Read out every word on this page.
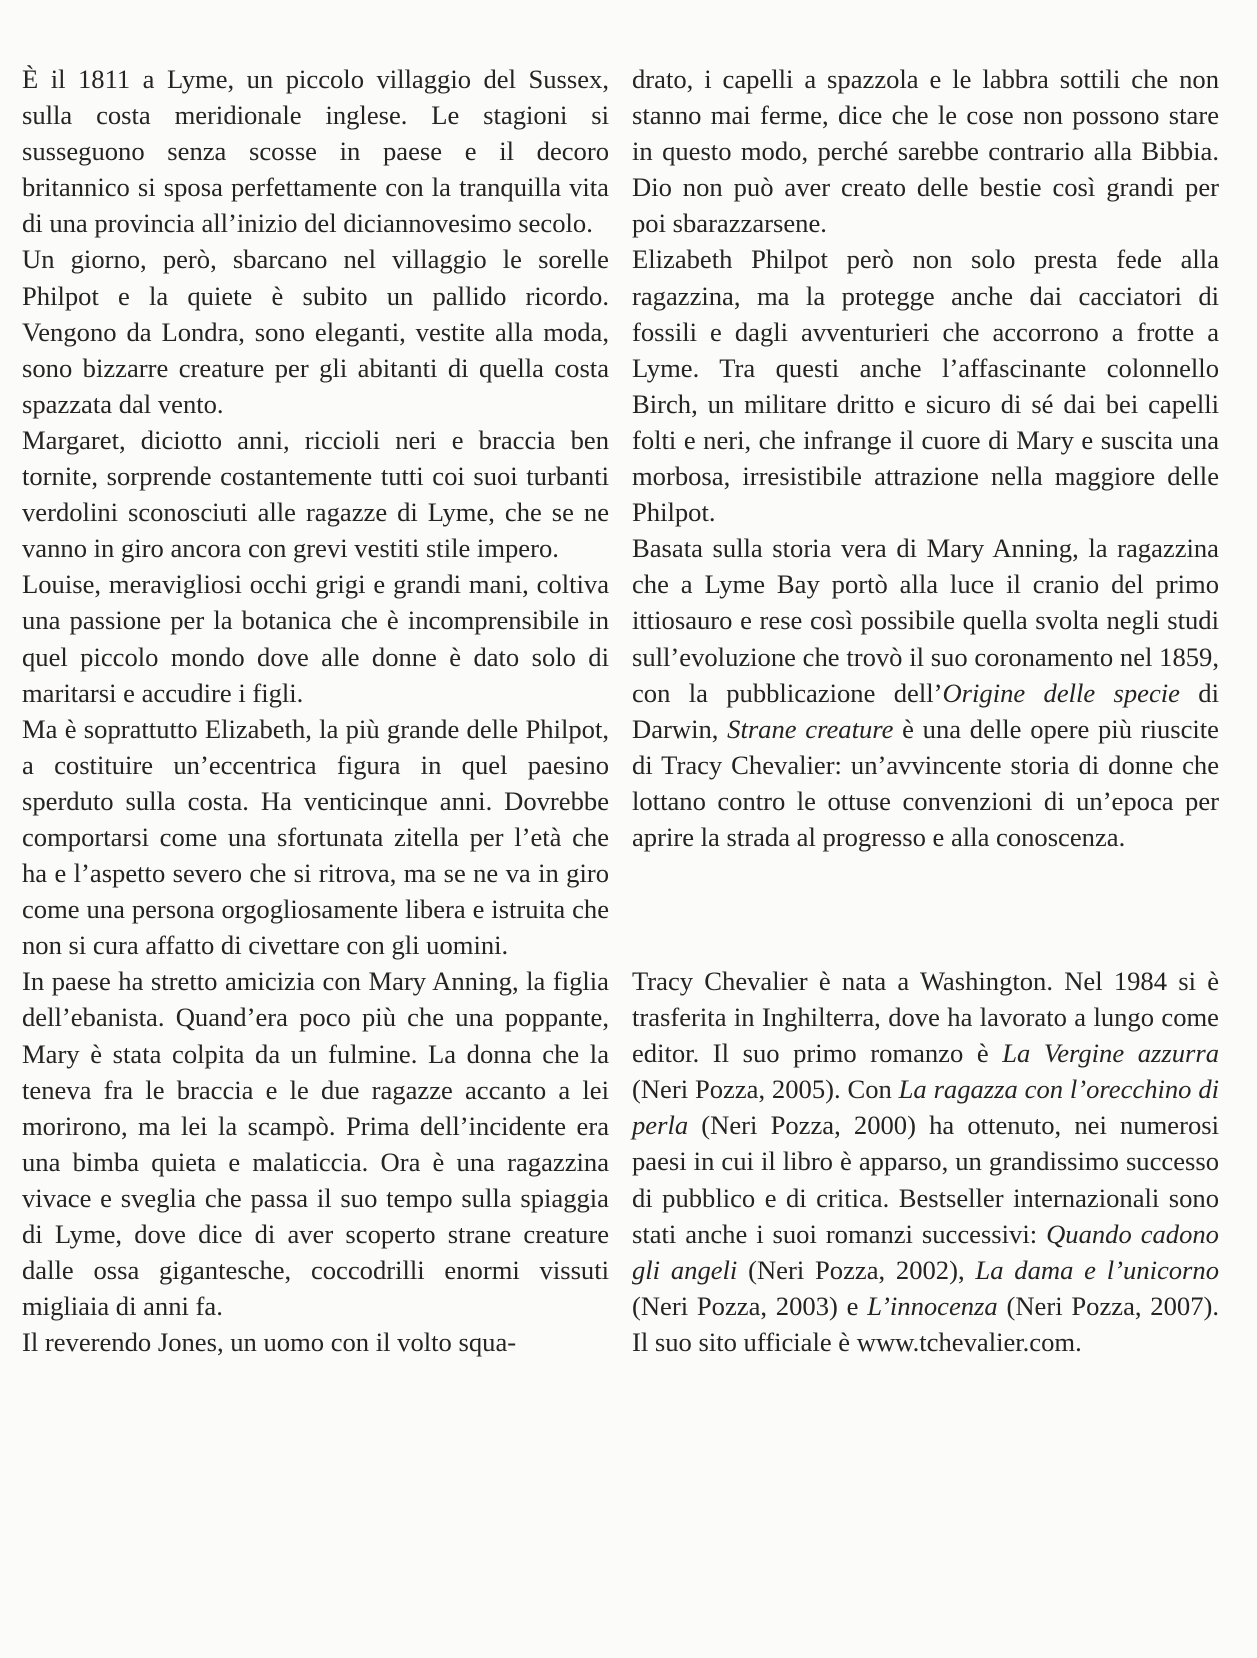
È il 1811 a Lyme, un piccolo villaggio del Sussex, sulla costa meridionale inglese. Le stagioni si susseguono senza scosse in paese e il decoro britannico si sposa perfettamente con la tranquilla vita di una provincia all’inizio del diciannovesimo secolo.

Un giorno, però, sbarcano nel villaggio le sorelle Philpot e la quiete è subito un pallido ricordo. Vengono da Londra, sono eleganti, vestite alla moda, sono bizzarre creature per gli abitanti di quella costa spazzata dal vento.

Margaret, diciotto anni, riccioli neri e braccia ben tornite, sorprende costantemente tutti coi suoi turbanti verdolini sconosciuti alle ragazze di Lyme, che se ne vanno in giro ancora con grevi vestiti stile impero.

Louise, meravigliosi occhi grigi e grandi mani, coltiva una passione per la botanica che è incomprensibile in quel piccolo mondo dove alle donne è dato solo di maritarsi e accudire i figli.

Ma è soprattutto Elizabeth, la più grande delle Philpot, a costituire un’eccentrica figura in quel paesino sperduto sulla costa. Ha venticinque anni. Dovrebbe comportarsi come una sfortunata zitella per l’età che ha e l’aspetto severo che si ritrova, ma se ne va in giro come una persona orgogliosamente libera e istruita che non si cura affatto di civettare con gli uomini.

In paese ha stretto amicizia con Mary Anning, la figlia dell’ebanista. Quand’era poco più che una poppante, Mary è stata colpita da un fulmine. La donna che la teneva fra le braccia e le due ragazze accanto a lei morirono, ma lei la scampò. Prima dell’incidente era una bimba quieta e malaticcia. Ora è una ragazzina vivace e sveglia che passa il suo tempo sulla spiaggia di Lyme, dove dice di aver scoperto strane creature dalle ossa gigantesche, coccodrilli enormi vissuti migliaia di anni fa.

Il reverendo Jones, un uomo con il volto squa-

drato, i capelli a spazzola e le labbra sottili che non stanno mai ferme, dice che le cose non possono stare in questo modo, perché sarebbe contrario alla Bibbia. Dio non può aver creato delle bestie così grandi per poi sbarazzarsene.

Elizabeth Philpot però non solo presta fede alla ragazzina, ma la protegge anche dai cacciatori di fossili e dagli avventurieri che accorrono a frotte a Lyme. Tra questi anche l’affascinante colonnello Birch, un militare dritto e sicuro di sé dai bei capelli folti e neri, che infrange il cuore di Mary e suscita una morbosa, irresistibile attrazione nella maggiore delle Philpot.

Basata sulla storia vera di Mary Anning, la ragazzina che a Lyme Bay portò alla luce il cranio del primo ittiosauro e rese così possibile quella svolta negli studi sull’evoluzione che trovò il suo coronamento nel 1859, con la pubblicazione dell’Origine delle specie di Darwin, Strane creature è una delle opere più riuscite di Tracy Chevalier: un’avvincente storia di donne che lottano contro le ottuse convenzioni di un’epoca per aprire la strada al progresso e alla conoscenza.

Tracy Chevalier è nata a Washington. Nel 1984 si è trasferita in Inghilterra, dove ha lavorato a lungo come editor. Il suo primo romanzo è La Vergine azzurra (Neri Pozza, 2005). Con La ragazza con l’orecchino di perla (Neri Pozza, 2000) ha ottenuto, nei numerosi paesi in cui il libro è apparso, un grandissimo successo di pubblico e di critica. Bestseller internazionali sono stati anche i suoi romanzi successivi: Quando cadono gli angeli (Neri Pozza, 2002), La dama e l’unicorno (Neri Pozza, 2003) e L’innocenza (Neri Pozza, 2007). Il suo sito ufficiale è www.tchevalier.com.
